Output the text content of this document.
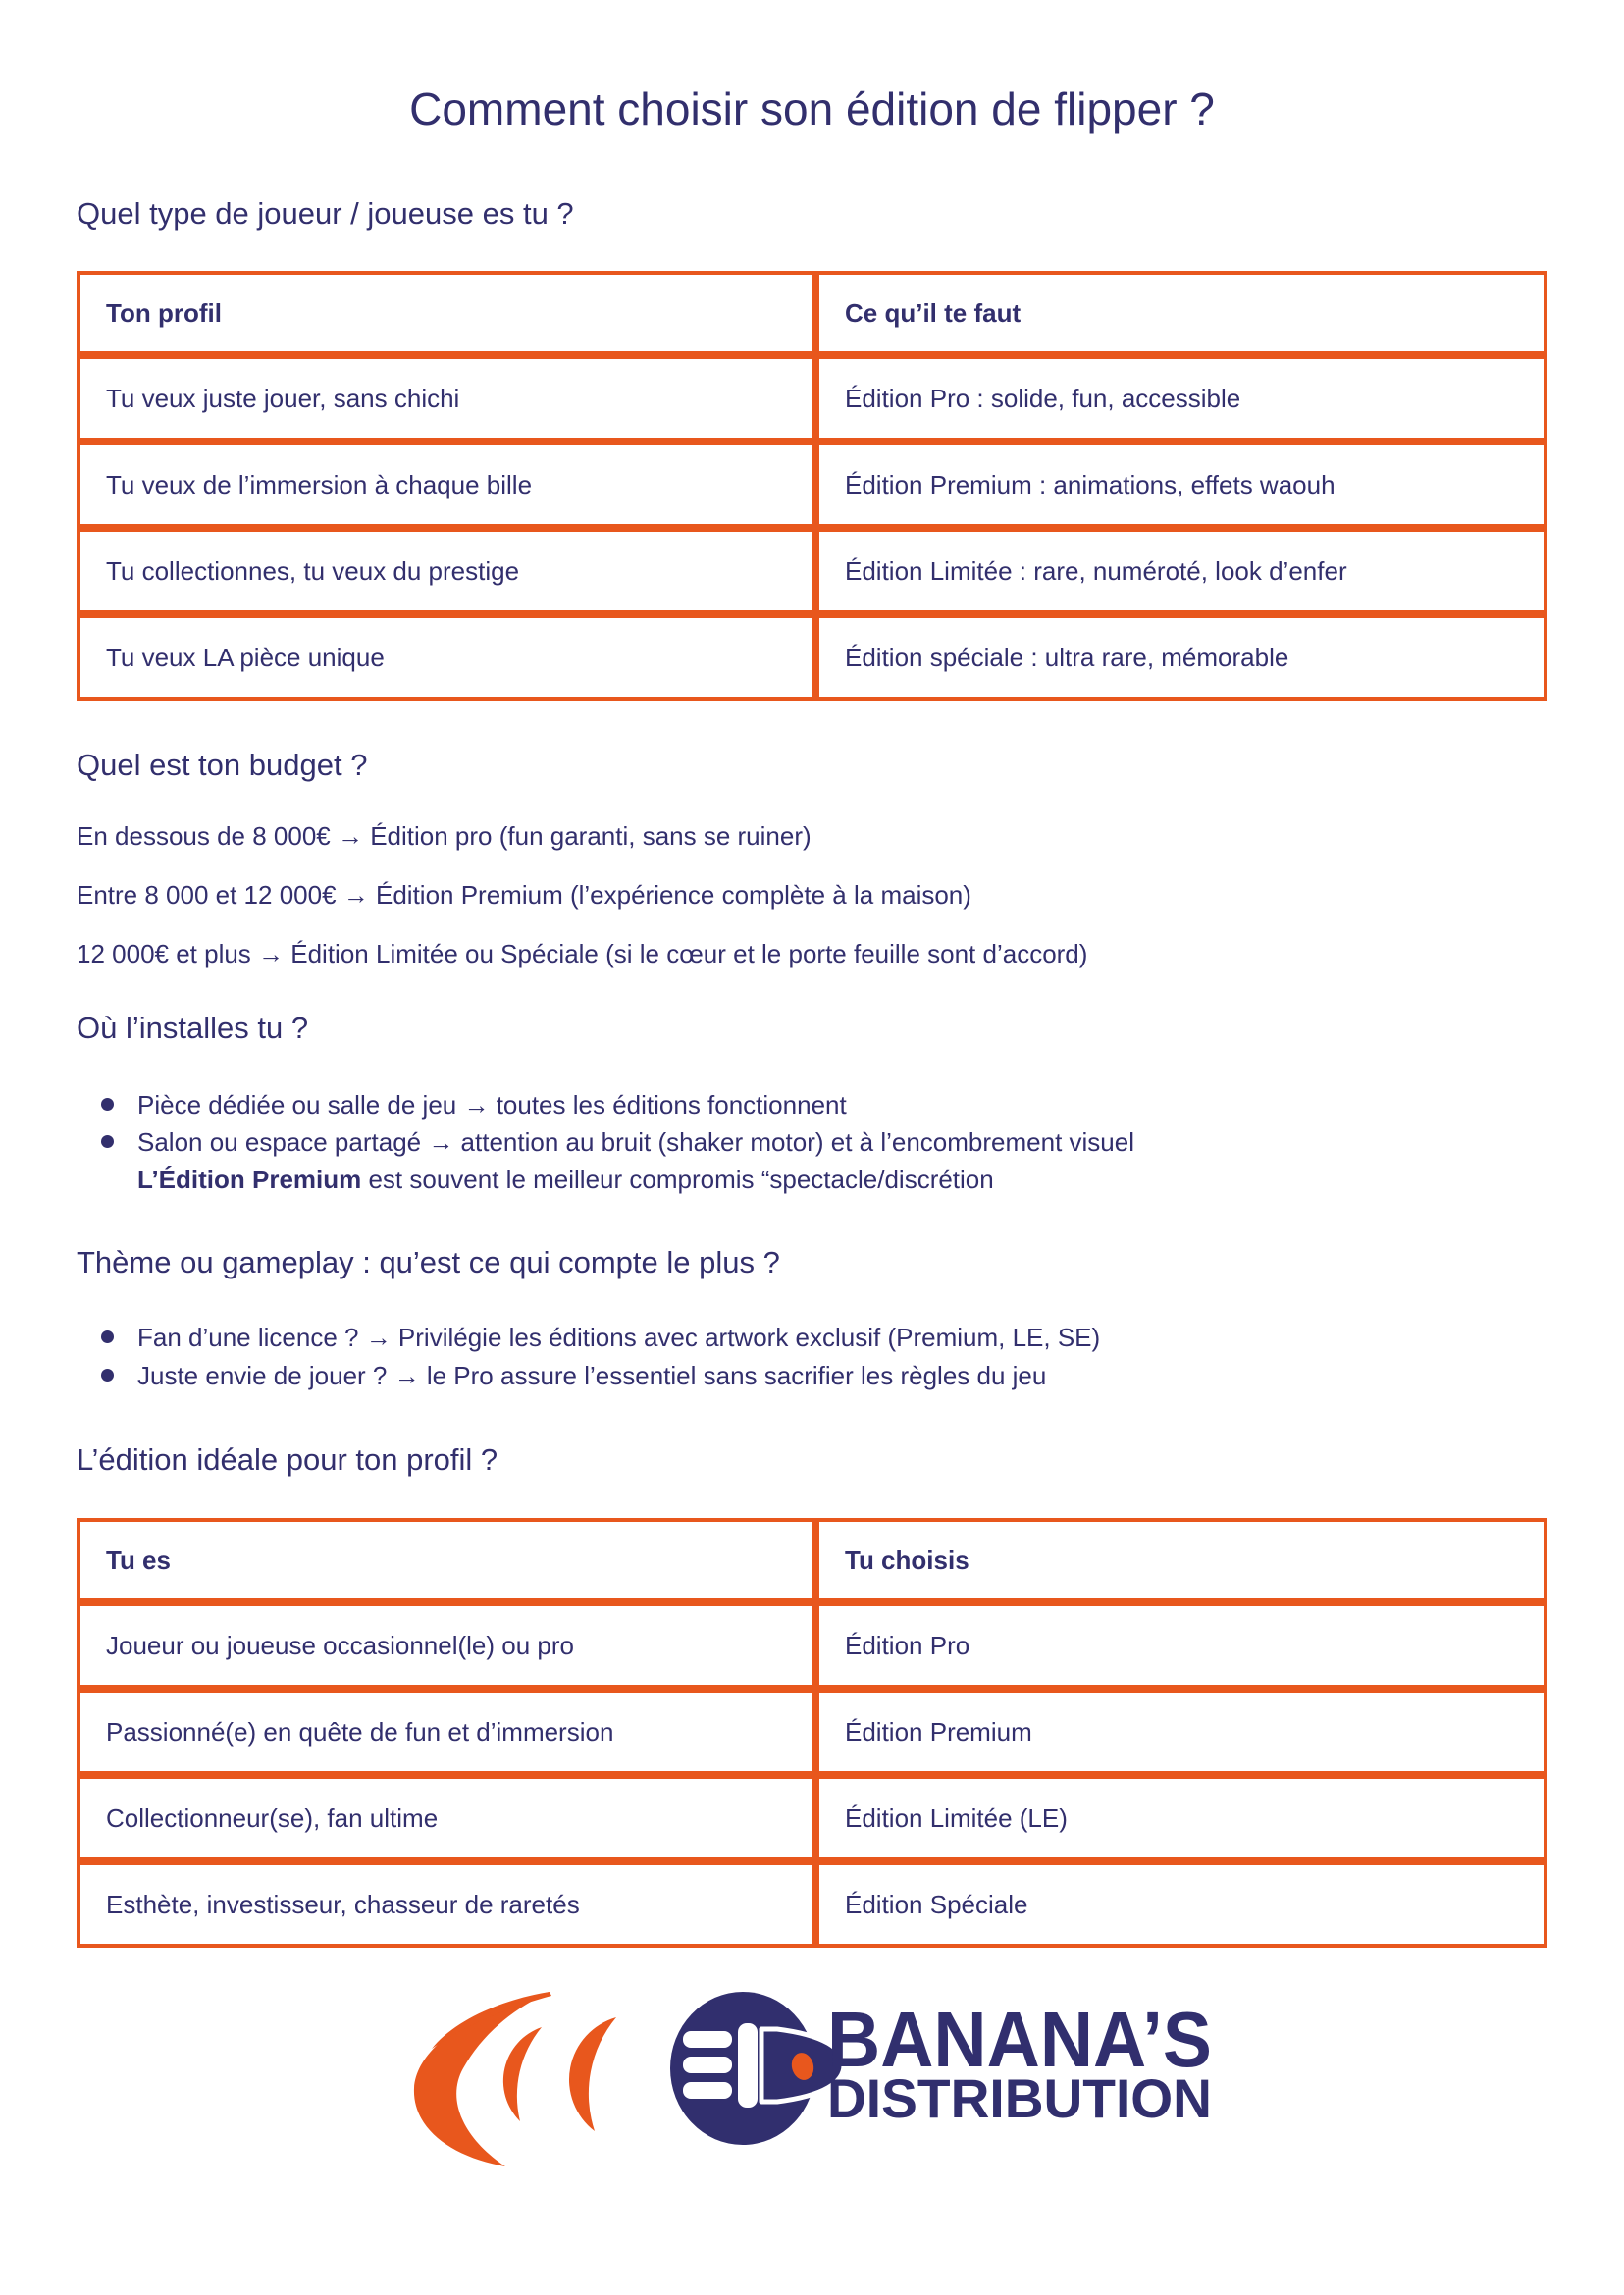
Comment choisir son édition de flipper ?
Quel type de joueur / joueuse es tu ?
Ton profil	Ce qu’il te faut
Tu veux juste jouer, sans chichi	Édition Pro : solide, fun, accessible
Tu veux de l’immersion à chaque bille	Édition Premium : animations, effets waouh
Tu collectionnes, tu veux du prestige	Édition Limitée : rare, numéroté, look d’enfer
Tu veux LA pièce unique	Édition spéciale : ultra rare, mémorable
Quel est ton budget ?

En dessous de 8 000€ → Édition pro (fun garanti, sans se ruiner)

Entre 8 000 et 12 000€ → Édition Premium (l’expérience complète à la maison)

12 000€ et plus → Édition Limitée ou Spéciale (si le cœur et le porte feuille sont d’accord)

Où l’installes tu ?
Pièce dédiée ou salle de jeu → toutes les éditions fonctionnent
Salon ou espace partagé → attention au bruit (shaker motor) et à l’encombrement visuel
L’Édition Premium est souvent le meilleur compromis “spectacle/discrétion
Thème ou gameplay : qu’est ce qui compte le plus ?
Fan d’une licence ? → Privilégie les éditions avec artwork exclusif (Premium, LE, SE)
Juste envie de jouer ? → le Pro assure l’essentiel sans sacrifier les règles du jeu
L’édition idéale pour ton profil ?
Tu es	Tu choisis
Joueur ou joueuse occasionnel(le) ou pro	Édition Pro
Passionné(e) en quête de fun et d’immersion	Édition Premium
Collectionneur(se), fan ultime	Édition Limitée (LE)
Esthète, investisseur, chasseur de raretés	Édition Spéciale
BANANA’S
DISTRIBUTION
